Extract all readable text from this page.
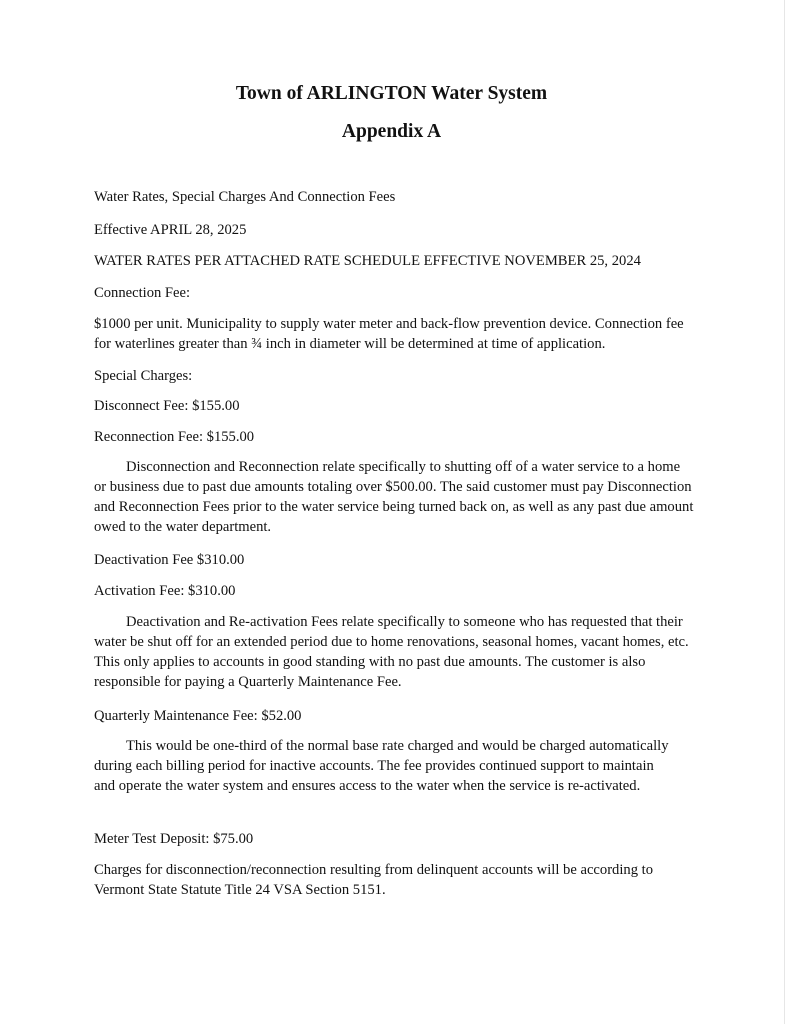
Town of ARLINGTON Water System
Appendix A

Water Rates, Special Charges And Connection Fees

Effective APRIL 28, 2025

WATER RATES PER ATTACHED RATE SCHEDULE EFFECTIVE NOVEMBER 25, 2024

Connection Fee:

$1000 per unit. Municipality to supply water meter and back-flow prevention device. Connection fee for waterlines greater than ¾ inch in diameter will be determined at time of application.

Special Charges:

Disconnect Fee: $155.00

Reconnection Fee: $155.00

Disconnection and Reconnection relate specifically to shutting off of a water service to a home or business due to past due amounts totaling over $500.00. The said customer must pay Disconnection and Reconnection Fees prior to the water service being turned back on, as well as any past due amount owed to the water department.

Deactivation Fee $310.00

Activation Fee: $310.00

Deactivation and Re-activation Fees relate specifically to someone who has requested that their water be shut off for an extended period due to home renovations, seasonal homes, vacant homes, etc. This only applies to accounts in good standing with no past due amounts. The customer is also responsible for paying a Quarterly Maintenance Fee.

Quarterly Maintenance Fee: $52.00

This would be one-third of the normal base rate charged and would be charged automatically during each billing period for inactive accounts. The fee provides continued support to maintain and operate the water system and ensures access to the water when the service is re-activated.

Meter Test Deposit: $75.00

Charges for disconnection/reconnection resulting from delinquent accounts will be according to Vermont State Statute Title 24 VSA Section 5151.
